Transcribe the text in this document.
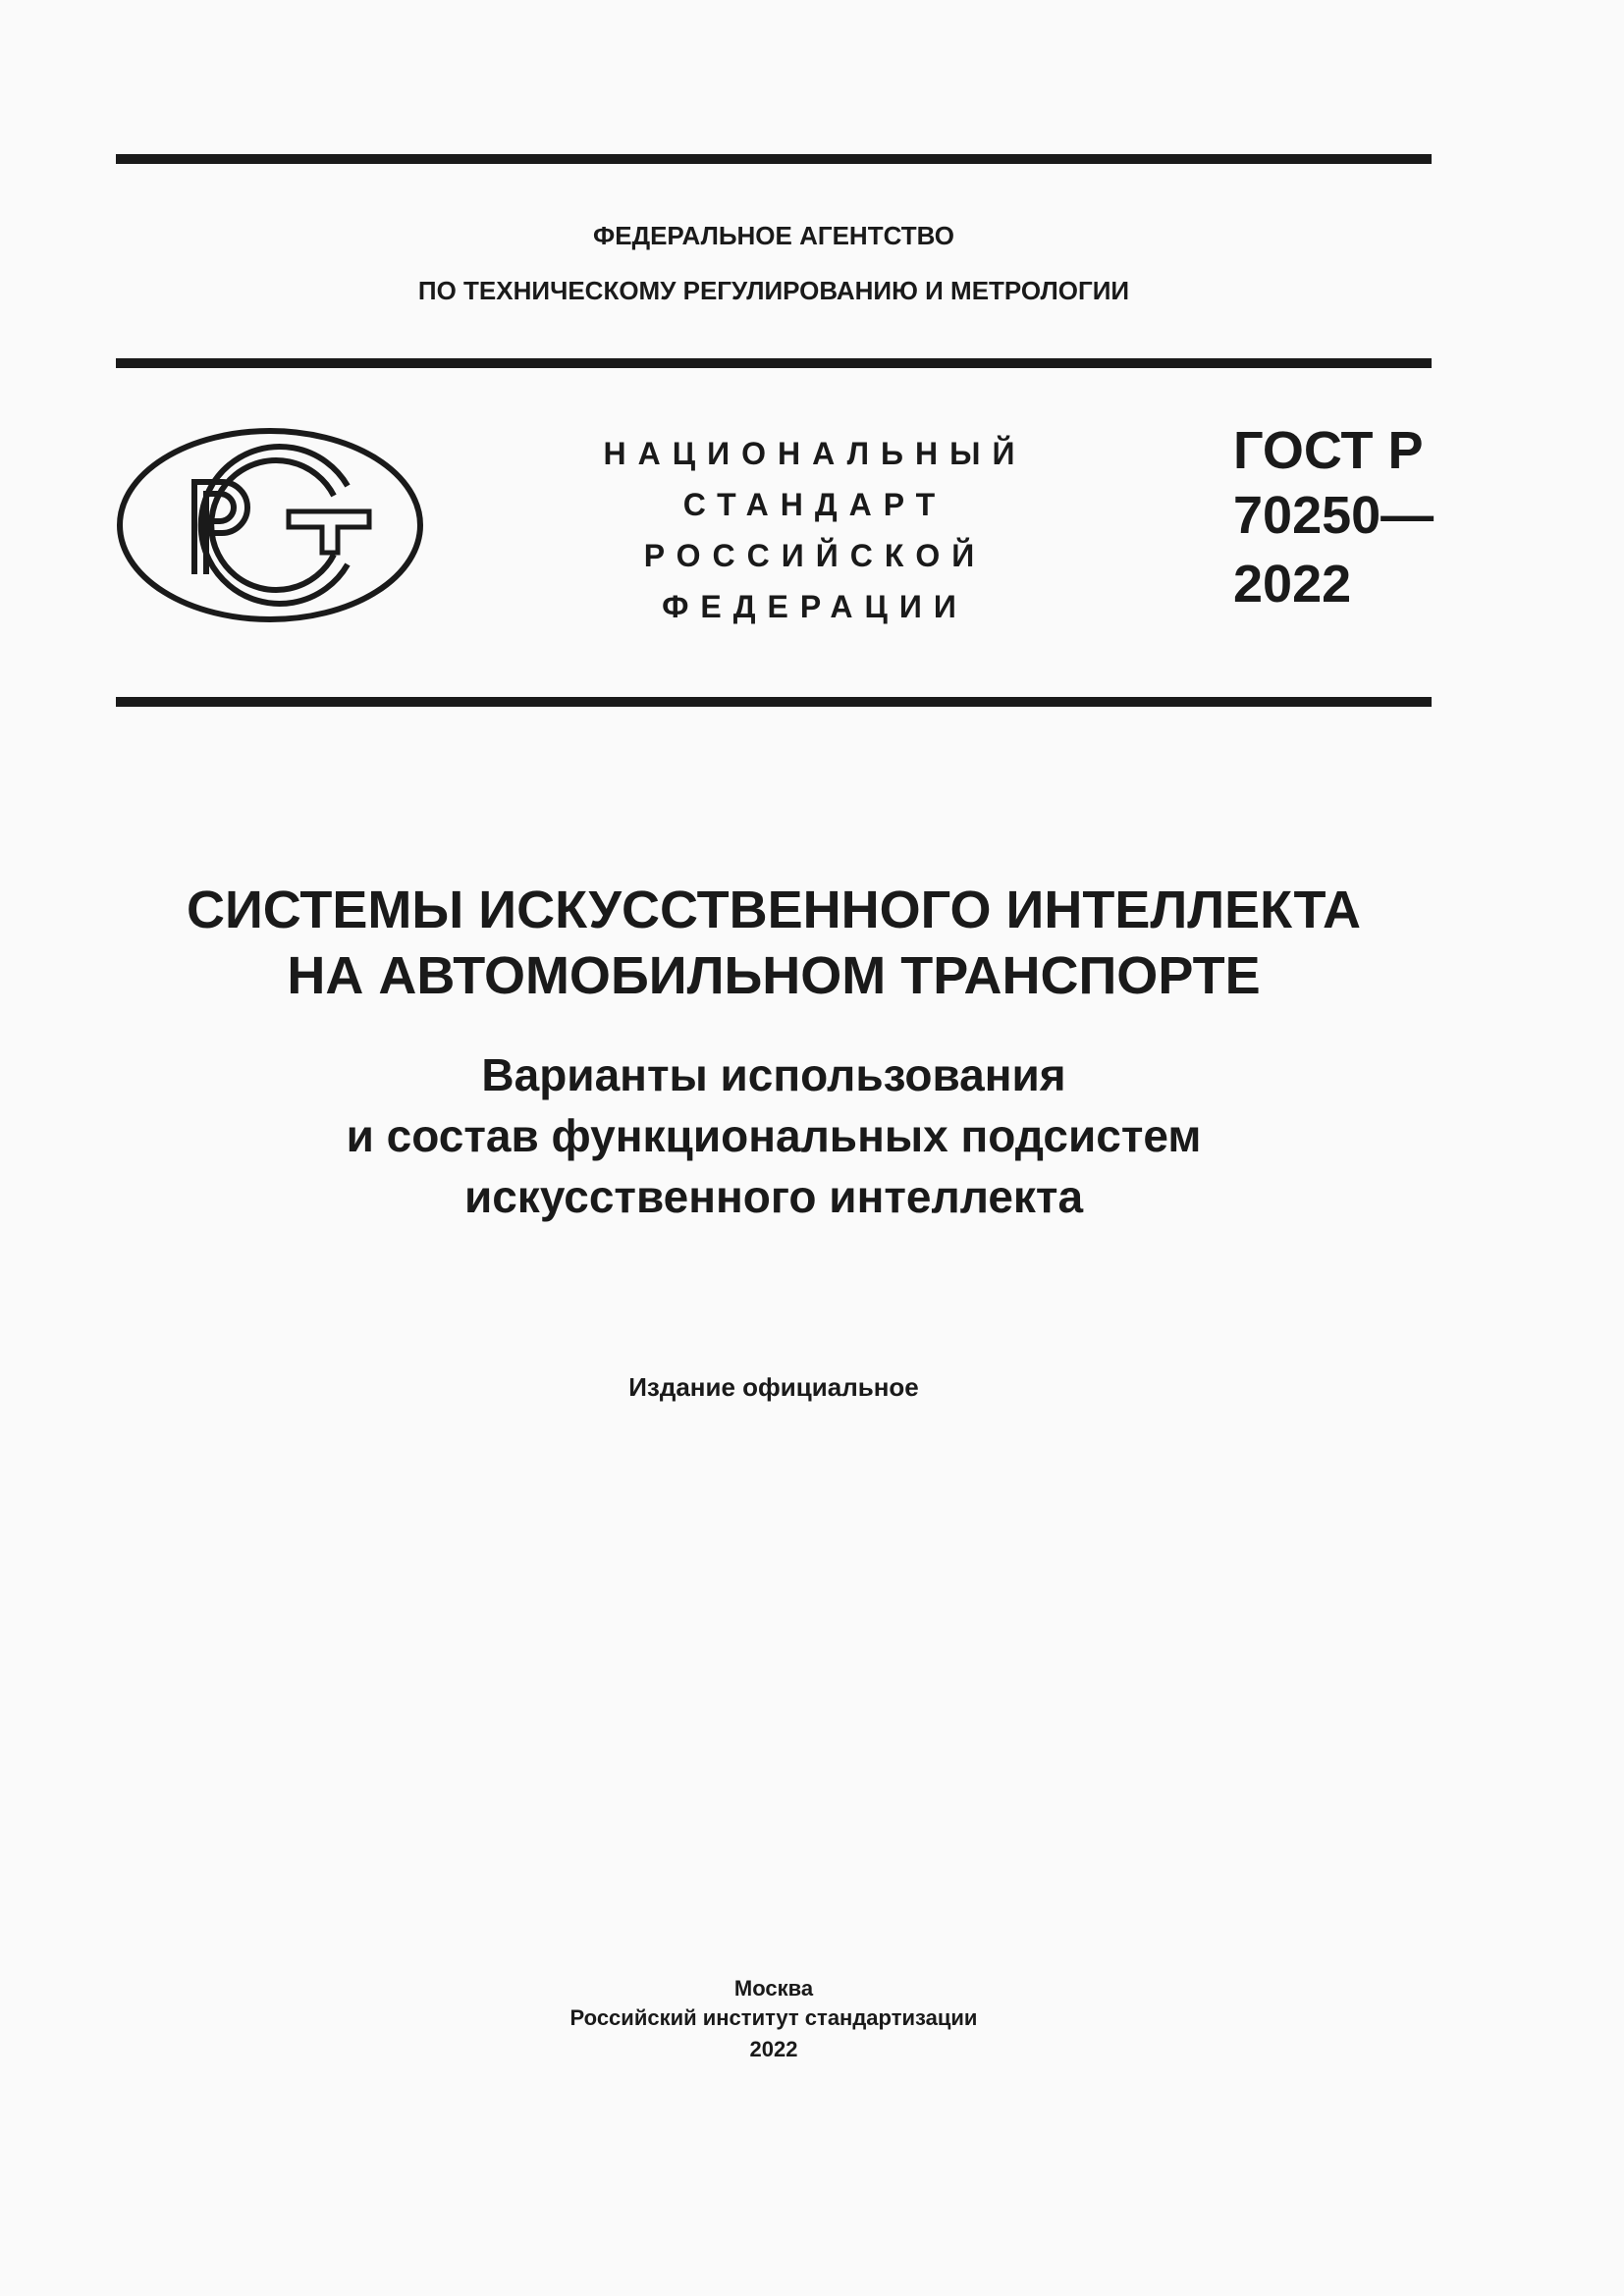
ФЕДЕРАЛЬНОЕ АГЕНТСТВО
ПО ТЕХНИЧЕСКОМУ РЕГУЛИРОВАНИЮ И МЕТРОЛОГИИ
НАЦИОНАЛЬНЫЙ
СТАНДАРТ
РОССИЙСКОЙ
ФЕДЕРАЦИИ
ГОСТ Р
70250—
2022
СИСТЕМЫ ИСКУССТВЕННОГО ИНТЕЛЛЕКТА
НА АВТОМОБИЛЬНОМ ТРАНСПОРТЕ
Варианты использования
и состав функциональных подсистем
искусственного интеллекта
Издание официальное
Москва
Российский институт стандартизации
2022
